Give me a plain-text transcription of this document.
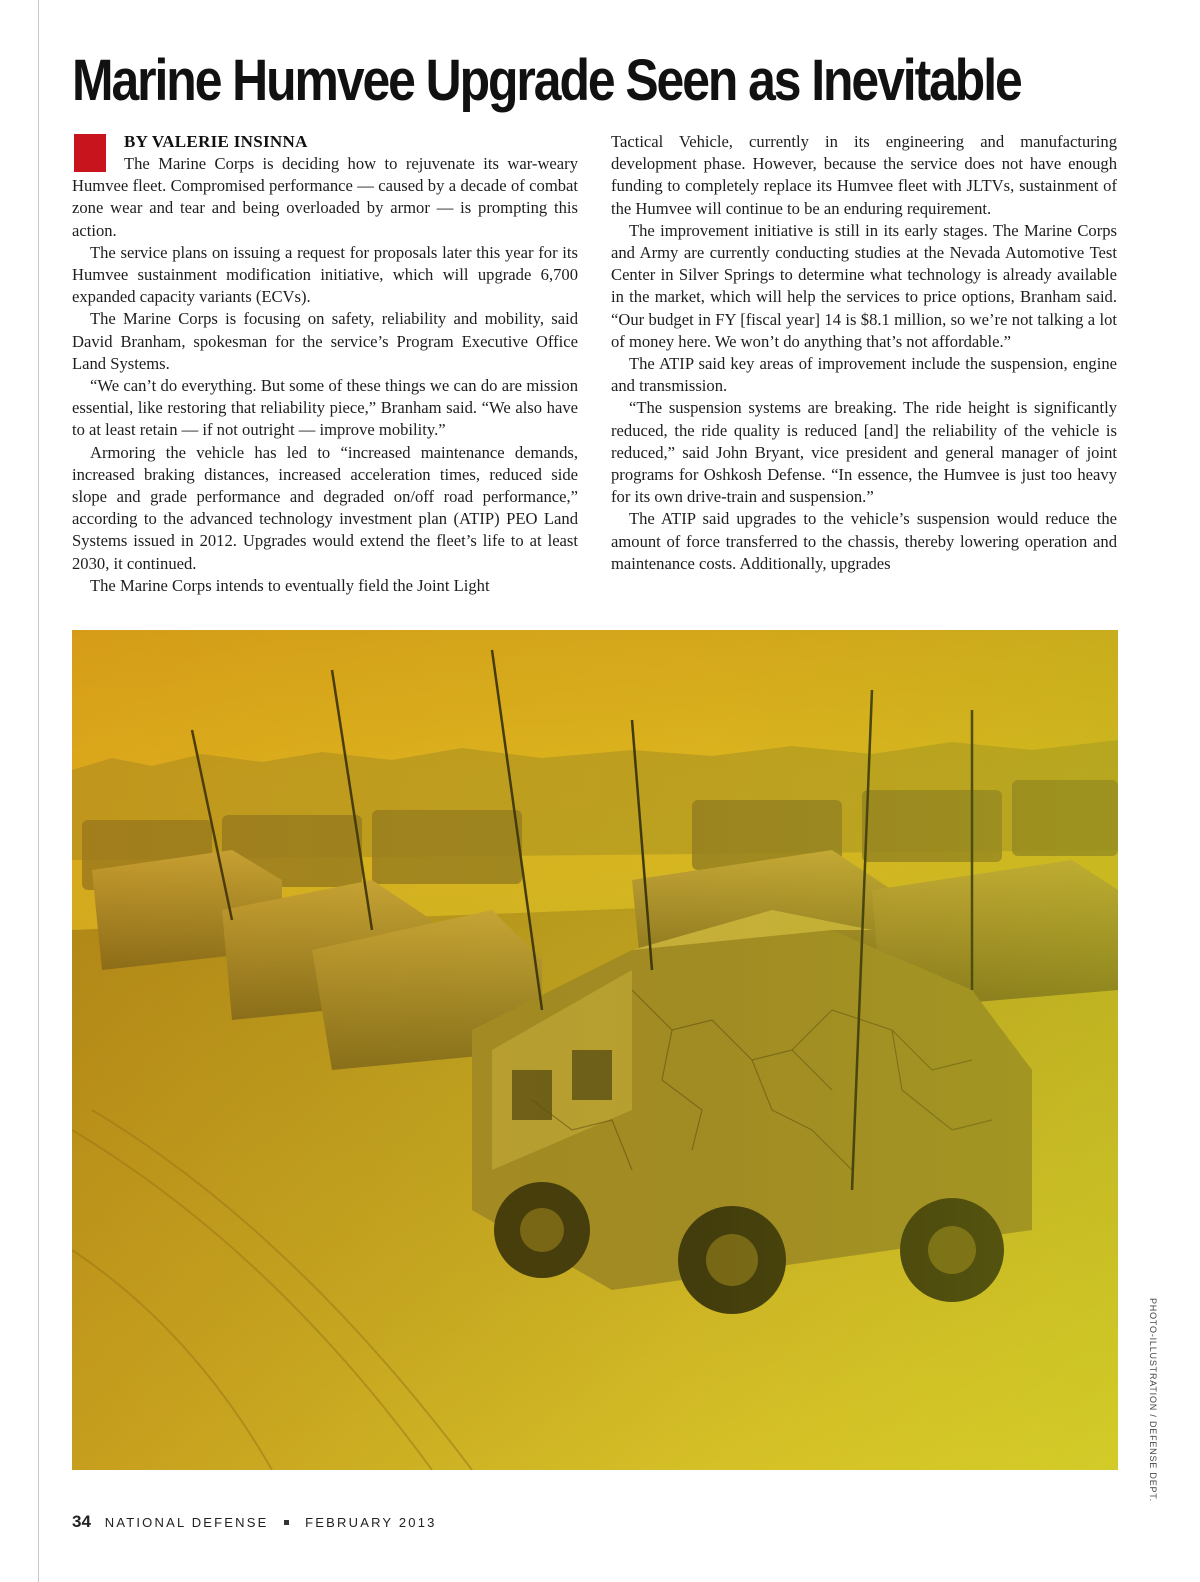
Marine Humvee Upgrade Seen as Inevitable
BY VALERIE INSINNA

The Marine Corps is deciding how to rejuvenate its war-weary Humvee fleet. Compromised performance — caused by a decade of combat zone wear and tear and being overloaded by armor — is prompting this action.

The service plans on issuing a request for proposals later this year for its Humvee sustainment modification initiative, which will upgrade 6,700 expanded capacity variants (ECVs).

The Marine Corps is focusing on safety, reliability and mobility, said David Branham, spokesman for the service’s Program Executive Office Land Systems.

“We can’t do everything. But some of these things we can do are mission essential, like restoring that reliability piece,” Branham said. “We also have to at least retain — if not outright — improve mobility.”

Armoring the vehicle has led to “increased maintenance demands, increased braking distances, increased acceleration times, reduced side slope and grade performance and degraded on/off road performance,” according to the advanced technology investment plan (ATIP) PEO Land Systems issued in 2012. Upgrades would extend the fleet’s life to at least 2030, it continued.

The Marine Corps intends to eventually field the Joint Light

Tactical Vehicle, currently in its engineering and manufacturing development phase. However, because the service does not have enough funding to completely replace its Humvee fleet with JLTVs, sustainment of the Humvee will continue to be an enduring requirement.

The improvement initiative is still in its early stages. The Marine Corps and Army are currently conducting studies at the Nevada Automotive Test Center in Silver Springs to determine what technology is already available in the market, which will help the services to price options, Branham said. “Our budget in FY [fiscal year] 14 is $8.1 million, so we’re not talking a lot of money here. We won’t do anything that’s not affordable.”

The ATIP said key areas of improvement include the suspension, engine and transmission.

“The suspension systems are breaking. The ride height is significantly reduced, the ride quality is reduced [and] the reliability of the vehicle is reduced,” said John Bryant, vice president and general manager of joint programs for Oshkosh Defense. “In essence, the Humvee is just too heavy for its own drive-train and suspension.”

The ATIP said upgrades to the vehicle’s suspension would reduce the amount of force transferred to the chassis, thereby lowering operation and maintenance costs. Additionally, upgrades

PHOTO-ILLUSTRATION / DEFENSE DEPT.
34 NATIONAL DEFENSE	FEBRUARY 2013
